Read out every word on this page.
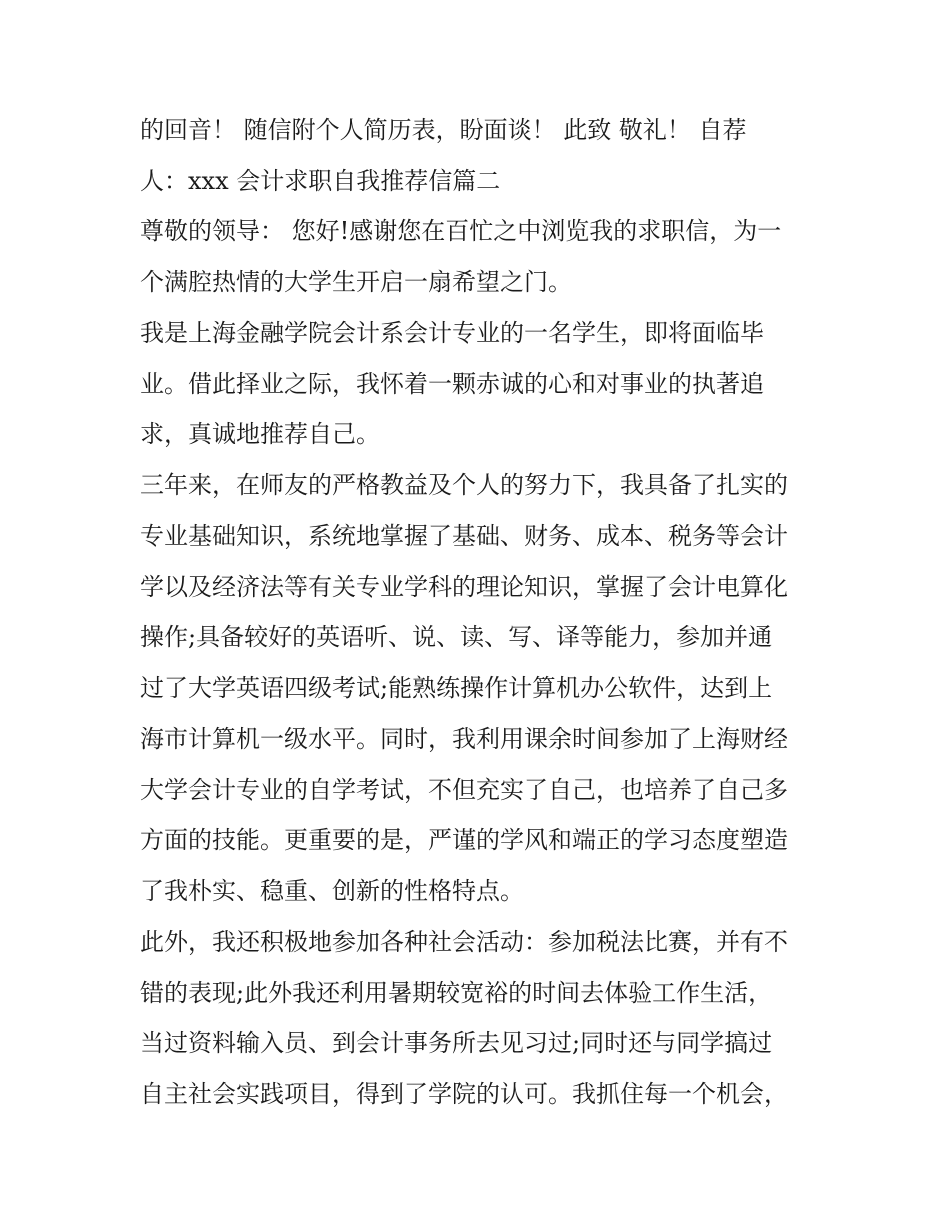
的回音！ 随信附个人简历表，盼面谈！ 此致 敬礼！ 自荐
人：xxx 会计求职自我推荐信篇二
尊敬的领导： 您好!感谢您在百忙之中浏览我的求职信，为一
个满腔热情的大学生开启一扇希望之门。
我是上海金融学院会计系会计专业的一名学生，即将面临毕
业。借此择业之际，我怀着一颗赤诚的心和对事业的执著追
求，真诚地推荐自己。
三年来，在师友的严格教益及个人的努力下，我具备了扎实的
专业基础知识，系统地掌握了基础、财务、成本、税务等会计
学以及经济法等有关专业学科的理论知识，掌握了会计电算化
操作;具备较好的英语听、说、读、写、译等能力，参加并通
过了大学英语四级考试;能熟练操作计算机办公软件，达到上
海市计算机一级水平。同时，我利用课余时间参加了上海财经
大学会计专业的自学考试，不但充实了自己，也培养了自己多
方面的技能。更重要的是，严谨的学风和端正的学习态度塑造
了我朴实、稳重、创新的性格特点。
此外，我还积极地参加各种社会活动：参加税法比赛，并有不
错的表现;此外我还利用暑期较宽裕的时间去体验工作生活，
当过资料输入员、到会计事务所去见习过;同时还与同学搞过
自主社会实践项目，得到了学院的认可。我抓住每一个机会，
